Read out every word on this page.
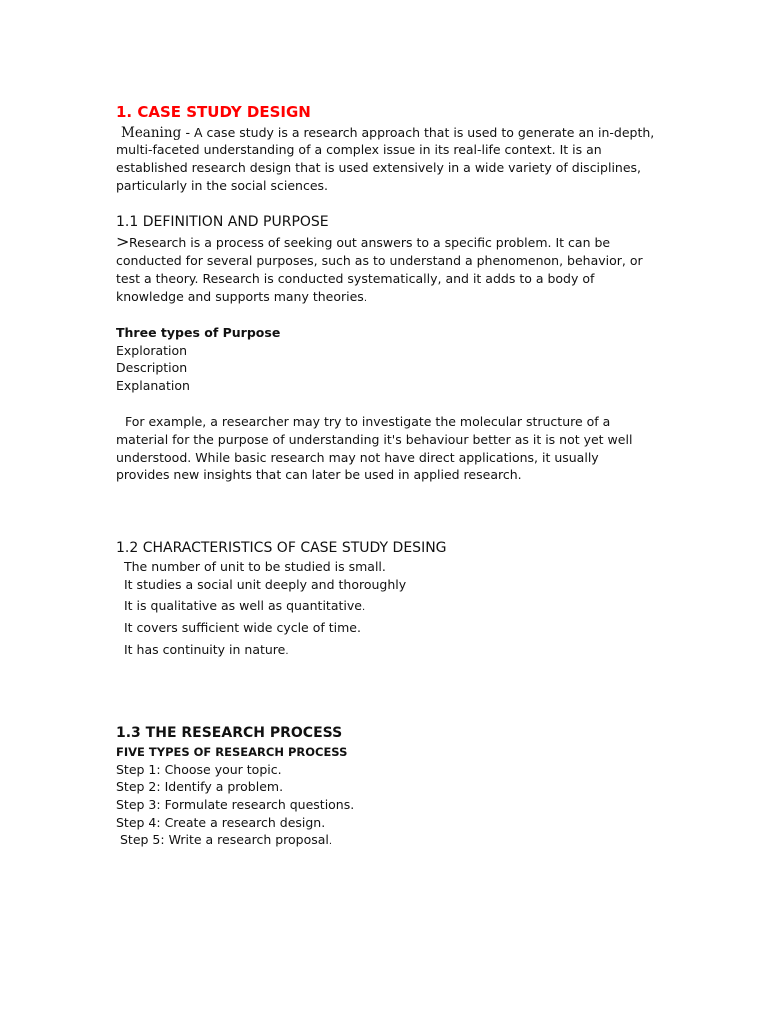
1. CASE STUDY DESIGN
Meaning - A case study is a research approach that is used to generate an in-depth,
multi-faceted understanding of a complex issue in its real-life context. It is an
established research design that is used extensively in a wide variety of disciplines,
particularly in the social sciences.
1.1 DEFINITION AND PURPOSE
> Research is a process of seeking out answers to a specific problem. It can be
conducted for several purposes, such as to understand a phenomenon, behavior, or
test a theory. Research is conducted systematically, and it adds to a body of
knowledge and supports many theories.
Three types of Purpose
Exploration
Description
Explanation
For example, a researcher may try to investigate the molecular structure of a
material for the purpose of understanding it's behaviour better as it is not yet well
understood. While basic research may not have direct applications, it usually
provides new insights that can later be used in applied research.
1.2 CHARACTERISTICS OF CASE STUDY DESING
The number of unit to be studied is small.
It studies a social unit deeply and thoroughly
It is qualitative as well as quantitative.
It covers sufficient wide cycle of time.
It has continuity in nature.
1.3 THE RESEARCH PROCESS
FIVE TYPES OF RESEARCH PROCESS
Step 1: Choose your topic.
Step 2: Identify a problem.
Step 3: Formulate research questions.
Step 4: Create a research design.
Step 5: Write a research proposal.
